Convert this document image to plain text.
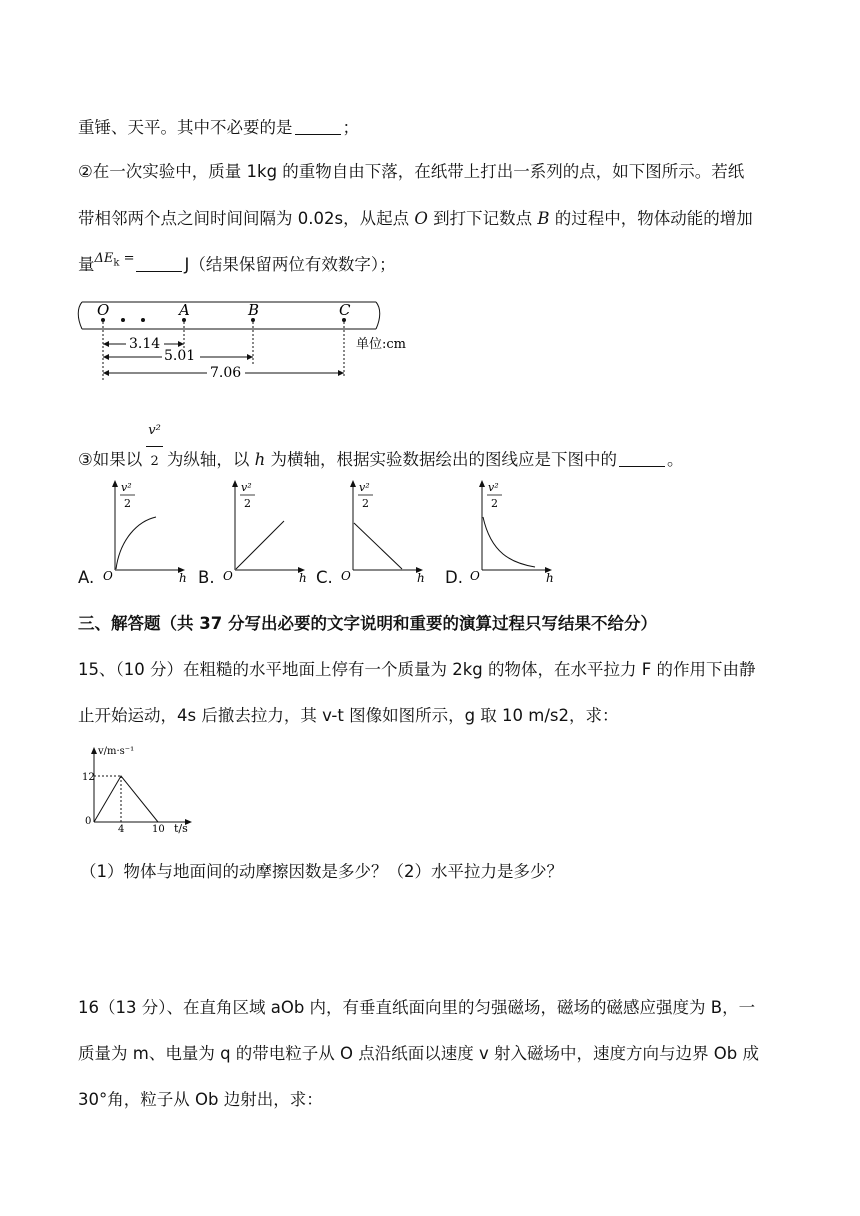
重锤、天平。其中不必要的是	；
②在一次实验中，质量 1kg 的重物自由下落，在纸带上打出一系列的点，如下图所示。若纸
带相邻两个点之间时间间隔为 0.02s，从起点 O 到打下记数点 B 的过程中，物体动能的增加
量$^{\Delta E_k =}$	J（结果保留两位有效数字）；
O	A	B	C
3.14
5.01
7.06
单位:cm
③如果以 $\frac{\text{v²}}{2}$ 为纵轴，以 h 为横轴，根据实验数据绘出的图线应是下图中的	。
A.
v²
2
O	h B.
v²
2
O	h C.
v²
2
O	h D.
v²
2
O	h
三、解答题（共 37 分写出必要的文字说明和重要的演算过程只写结果不给分）
15、（10 分）在粗糙的水平地面上停有一个质量为 2kg 的物体，在水平拉力 F 的作用下由静
止开始运动，4s 后撤去拉力，其 v-t 图像如图所示，g 取 10 m/s2，求：
v/m·s⁻¹
12
0
4	10 t/s
（1）物体与地面间的动摩擦因数是多少？（2）水平拉力是多少？
16（13 分）、在直角区域 aOb 内，有垂直纸面向里的匀强磁场，磁场的磁感应强度为 B，一
质量为 m、电量为 q 的带电粒子从 O 点沿纸面以速度 v 射入磁场中，速度方向与边界 Ob 成
30°角，粒子从 Ob 边射出，求：
